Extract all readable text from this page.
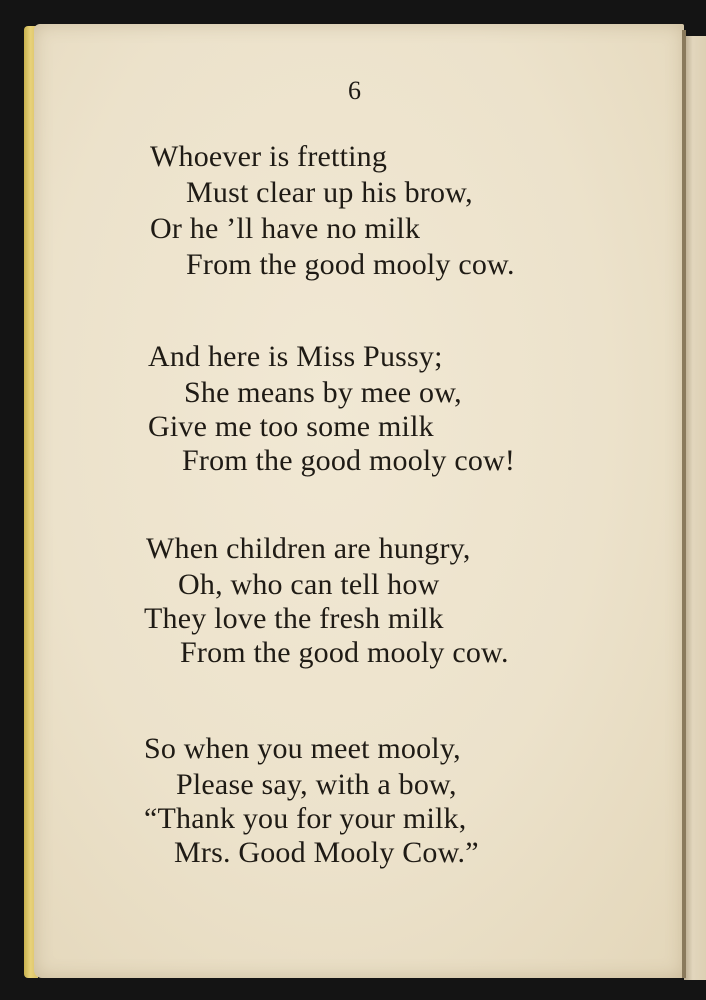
6
Whoever is fretting
Must clear up his brow,
Or he ’ll have no milk
From the good mooly cow.
And here is Miss Pussy;
She means by mee ow,
Give me too some milk
From the good mooly cow!
When children are hungry,
Oh, who can tell how
They love the fresh milk
From the good mooly cow.
So when you meet mooly,
Please say, with a bow,
“Thank you for your milk,
Mrs. Good Mooly Cow.”
